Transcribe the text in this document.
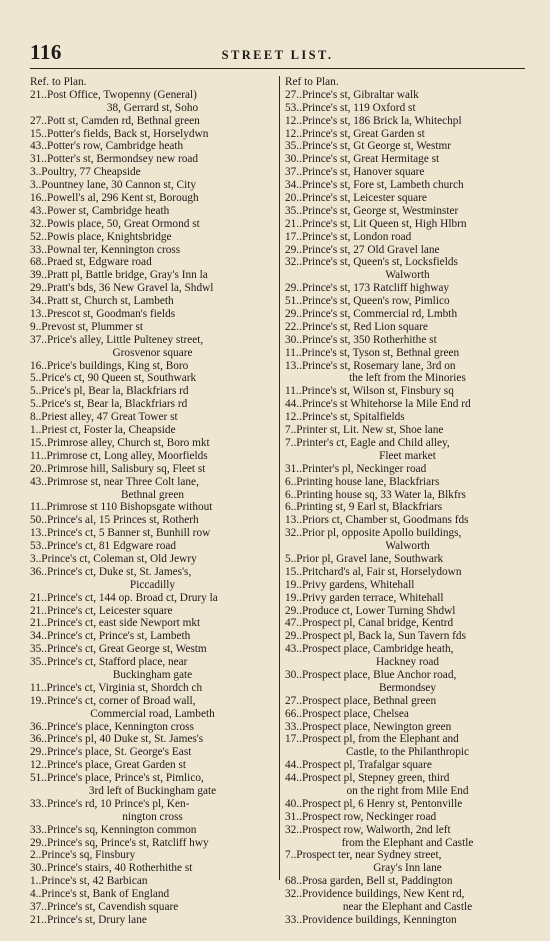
116	STREET LIST.
Ref. to Plan.
21..Post Office, Twopenny (General)
38, Gerrard st, Soho
27..Pott st, Camden rd, Bethnal green
15..Potter's fields, Back st, Horselydwn
43..Potter's row, Cambridge heath
31..Potter's st, Bermondsey new road
3..Poultry, 77 Cheapside
3..Pountney lane, 30 Cannon st, City
16..Powell's al, 296 Kent st, Borough
43..Power st, Cambridge heath
32..Powis place, 50, Great Ormond st
52..Powis place, Knightsbridge
33..Pownal ter, Kennington cross
68..Praed st, Edgware road
39..Pratt pl, Battle bridge, Gray's Inn la
29..Pratt's bds, 36 New Gravel la, Shdwl
34..Pratt st, Church st, Lambeth
13..Prescot st, Goodman's fields
9..Prevost st, Plummer st
37..Price's alley, Little Pulteney street,
Grosvenor square
16..Price's buildings, King st, Boro
5..Price's ct, 90 Queen st, Southwark
5..Price's pl, Bear la, Blackfriars rd
5..Price's st, Bear la, Blackfriars rd
8..Priest alley, 47 Great Tower st
1..Priest ct, Foster la, Cheapside
15..Primrose alley, Church st, Boro mkt
11..Primrose ct, Long alley, Moorfields
20..Primrose hill, Salisbury sq, Fleet st
43..Primrose st, near Three Colt lane,
Bethnal green
11..Primrose st 110 Bishopsgate without
50..Prince's al, 15 Princes st, Rotherh
13..Prince's ct, 5 Banner st, Bunhill row
53..Prince's ct, 81 Edgware road
3..Prince's ct, Coleman st, Old Jewry
36..Prince's ct, Duke st, St. James's,
Piccadilly
21..Prince's ct, 144 op. Broad ct, Drury la
21..Prince's ct, Leicester square
21..Prince's ct, east side Newport mkt
34..Prince's ct, Prince's st, Lambeth
35..Prince's ct, Great George st, Westm
35..Prince's ct, Stafford place, near
Buckingham gate
11..Prince's ct, Virginia st, Shordch ch
19..Prince's ct, corner of Broad wall,
Commercial road, Lambeth
36..Prince's place, Kennington cross
36..Prince's pl, 40 Duke st, St. James's
29..Prince's place, St. George's East
12..Prince's place, Great Garden st
51..Prince's place, Prince's st, Pimlico,
3rd left of Buckingham gate
33..Prince's rd, 10 Prince's pl, Ken-
nington cross
33..Prince's sq, Kennington common
29..Prince's sq, Prince's st, Ratcliff hwy
2..Prince's sq, Finsbury
30..Prince's stairs, 40 Rotherhithe st
1..Prince's st, 42 Barbican
4..Prince's st, Bank of England
37..Prince's st, Cavendish square
21..Prince's st, Drury lane
Ref to Plan.
27..Prince's st, Gibraltar walk
53..Prince's st, 119 Oxford st
12..Prince's st, 186 Brick la, Whitechpl
12..Prince's st, Great Garden st
35..Prince's st, Gt George st, Westmr
30..Prince's st, Great Hermitage st
37..Prince's st, Hanover square
34..Prince's st, Fore st, Lambeth church
20..Prince's st, Leicester square
35..Prince's st, George st, Westminster
21..Prince's st, Lit Queen st, High Hlbrn
17..Prince's st, London road
29..Prince's st, 27 Old Gravel lane
32..Prince's st, Queen's st, Locksfields
Walworth
29..Prince's st, 173 Ratcliff highway
51..Prince's st, Queen's row, Pimlico
29..Prince's st, Commercial rd, Lmbth
22..Prince's st, Red Lion square
30..Prince's st, 350 Rotherhithe st
11..Prince's st, Tyson st, Bethnal green
13..Prince's st, Rosemary lane, 3rd on
the left from the Minories
11..Prince's st, Wilson st, Finsbury sq
44..Prince's st Whitehorse la Mile End rd
12..Prince's st, Spitalfields
7..Printer st, Lit. New st, Shoe lane
7..Printer's ct, Eagle and Child alley,
Fleet market
31..Printer's pl, Neckinger road
6..Printing house lane, Blackfriars
6..Printing house sq, 33 Water la, Blkfrs
6..Printing st, 9 Earl st, Blackfriars
13..Priors ct, Chamber st, Goodmans fds
32..Prior pl, opposite Apollo buildings,
Walworth
5..Prior pl, Gravel lane, Southwark
15..Pritchard's al, Fair st, Horselydown
19..Privy gardens, Whitehall
19..Privy garden terrace, Whitehall
29..Produce ct, Lower Turning Shdwl
47..Prospect pl, Canal bridge, Kentrd
29..Prospect pl, Back la, Sun Tavern fds
43..Prospect place, Cambridge heath,
Hackney road
30..Prospect place, Blue Anchor road,
Bermondsey
27..Prospect place, Bethnal green
66..Prospect place, Chelsea
33..Prospect place, Newington green
17..Prospect pl, from the Elephant and
Castle, to the Philanthropic
44..Prospect pl, Trafalgar square
44..Prospect pl, Stepney green, third
on the right from Mile End
40..Prospect pl, 6 Henry st, Pentonville
31..Prospect row, Neckinger road
32..Prospect row, Walworth, 2nd left
from the Elephant and Castle
7..Prospect ter, near Sydney street,
Gray's Inn lane
68..Prosa garden, Bell st, Paddington
32..Providence buildings, New Kent rd,
near the Elephant and Castle
33..Providence buildings, Kennington
